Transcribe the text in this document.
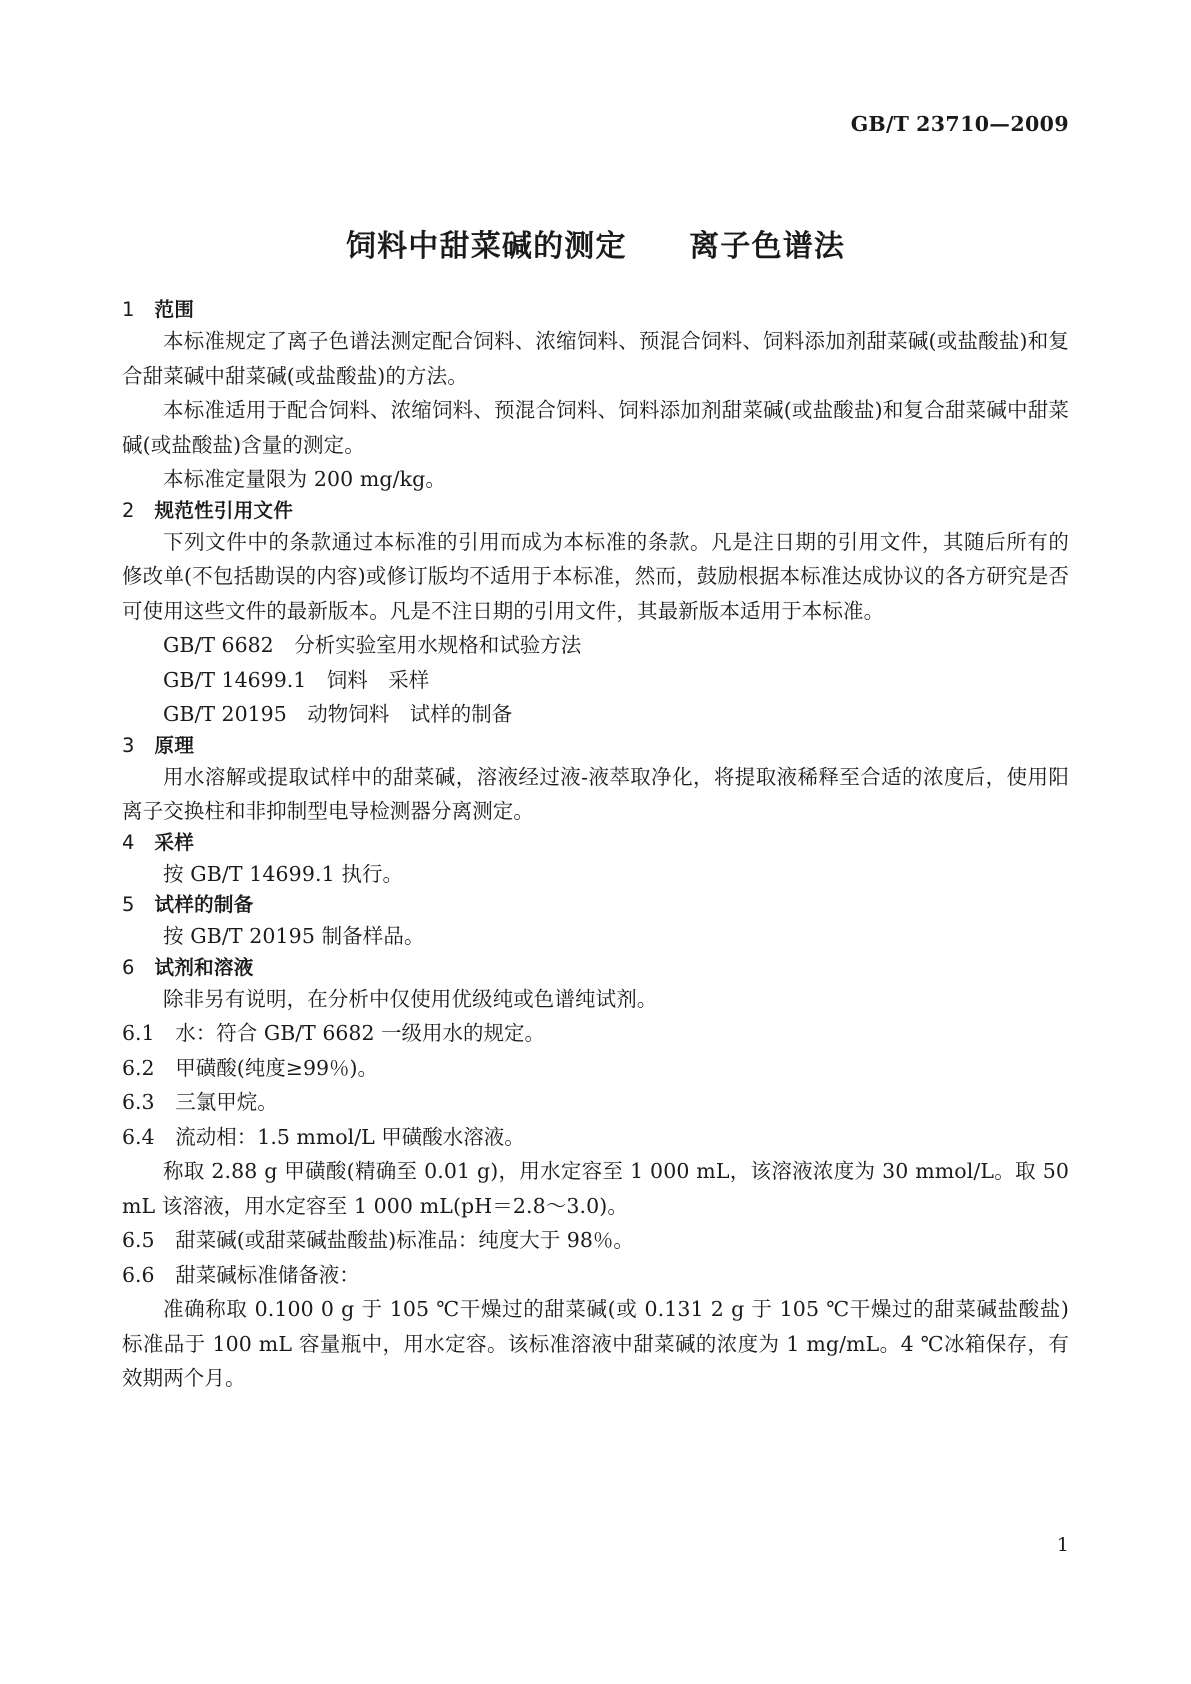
GB/T 23710—2009
饲料中甜菜碱的测定　　离子色谱法
1　 范围

本标准规定了离子色谱法测定配合饲料、浓缩饲料、预混合饲料、饲料添加剂甜菜碱(或盐酸盐)和复合甜菜碱中甜菜碱(或盐酸盐)的方法。

本标准适用于配合饲料、浓缩饲料、预混合饲料、饲料添加剂甜菜碱(或盐酸盐)和复合甜菜碱中甜菜碱(或盐酸盐)含量的测定。

本标准定量限为 200 mg/kg。

2　 规范性引用文件

下列文件中的条款通过本标准的引用而成为本标准的条款。凡是注日期的引用文件，其随后所有的修改单(不包括勘误的内容)或修订版均不适用于本标准，然而，鼓励根据本标准达成协议的各方研究是否可使用这些文件的最新版本。凡是不注日期的引用文件，其最新版本适用于本标准。

GB/T 6682　分析实验室用水规格和试验方法

GB/T 14699.1　饲料　采样

GB/T 20195　动物饲料　试样的制备

3　 原理

用水溶解或提取试样中的甜菜碱，溶液经过液-液萃取净化，将提取液稀释至合适的浓度后，使用阳离子交换柱和非抑制型电导检测器分离测定。

4　 采样

按 GB/T 14699.1 执行。

5　 试样的制备

按 GB/T 20195 制备样品。

6　 试剂和溶液

除非另有说明，在分析中仅使用优级纯或色谱纯试剂。

6.1 水：符合 GB/T 6682 一级用水的规定。

6.2 甲磺酸(纯度≥99％)。

6.3 三氯甲烷。

6.4 流动相：1.5 mmol/L 甲磺酸水溶液。

称取 2.88 g 甲磺酸(精确至 0.01 g)，用水定容至 1 000 mL，该溶液浓度为 30 mmol/L。取 50 mL 该溶液，用水定容至 1 000 mL(pH＝2.8～3.0)。

6.5 甜菜碱(或甜菜碱盐酸盐)标准品：纯度大于 98％。

6.6 甜菜碱标准储备液：

准确称取 0.100 0 g 于 105 ℃干燥过的甜菜碱(或 0.131 2 g 于 105 ℃干燥过的甜菜碱盐酸盐)标准品于 100 mL 容量瓶中，用水定容。该标准溶液中甜菜碱的浓度为 1 mg/mL。4 ℃冰箱保存，有效期两个月。

1
